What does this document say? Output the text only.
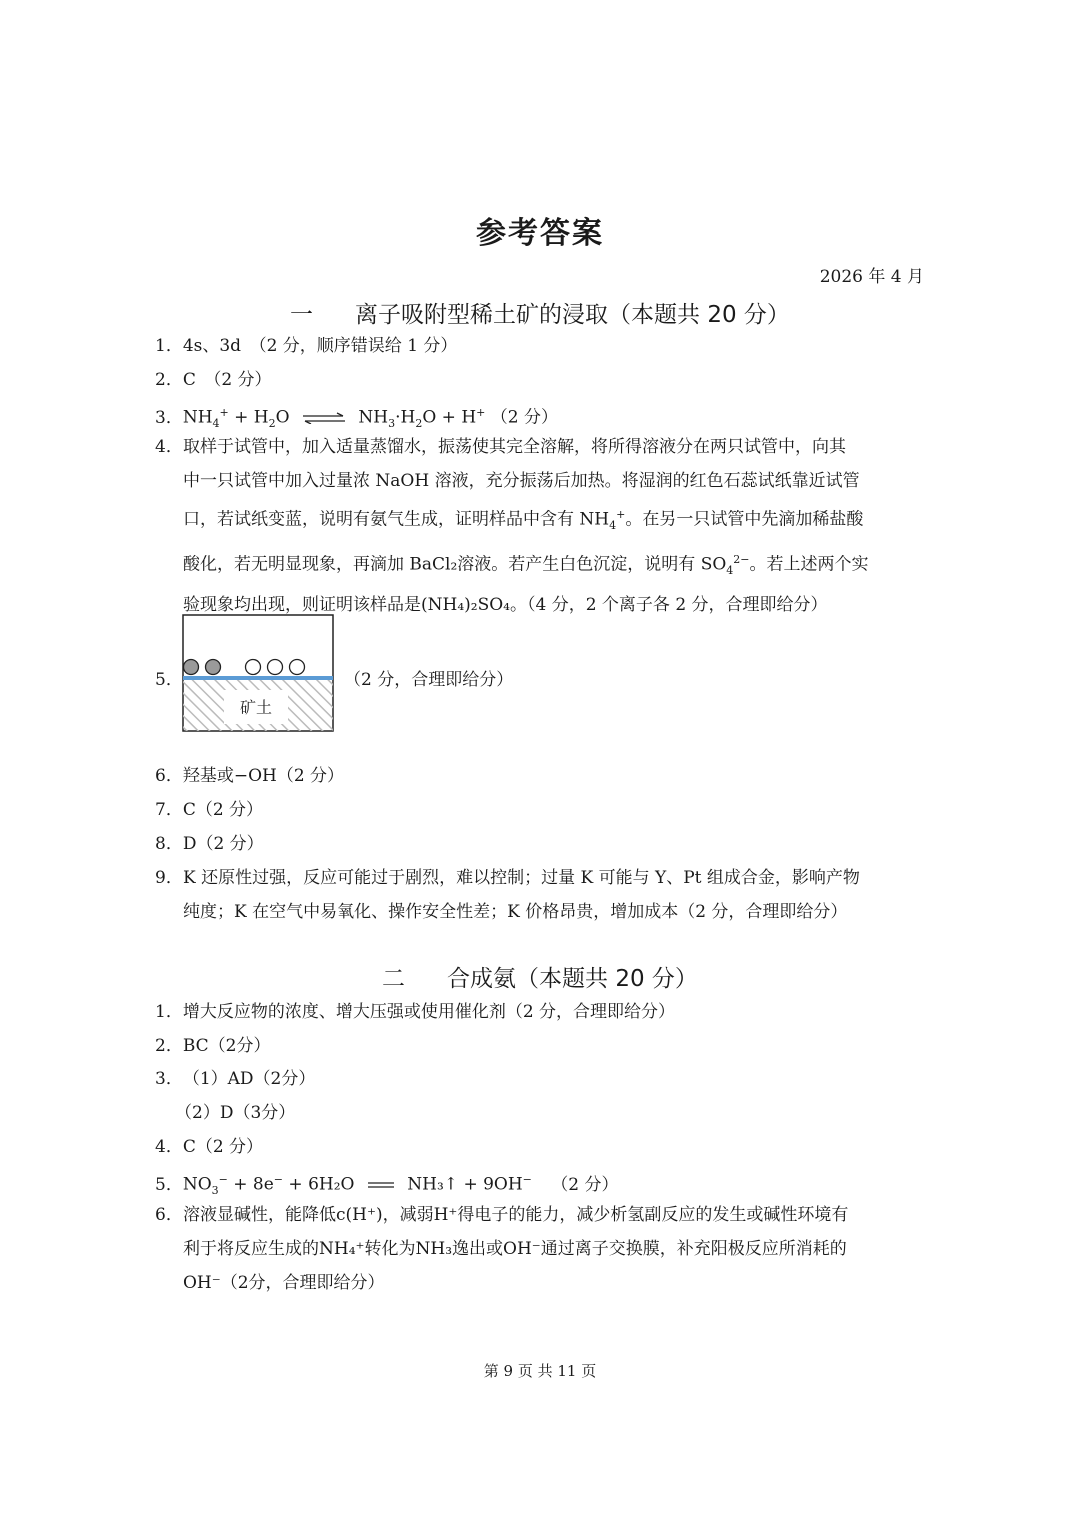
参考答案
2026 年 4 月
一 离子吸附型稀土矿的浸取（本题共 20 分）
1．4s、3d　（2 分，顺序错误给 1 分）
2．C　（2 分）
3．$NH_4^+ + H_2O$ ⇌ $NH_3\cdot H_2O + H^+$ （2 分）
4． 取样于试管中，加入适量蒸馏水，振荡使其完全溶解，将所得溶液分在两只试管中，向其
中一只试管中加入过量浓 NaOH 溶液，充分振荡后加热。将湿润的红色石蕊试纸靠近试管
口，若试纸变蓝，说明有氨气生成，证明样品中含有 $NH_4^+$。在另一只试管中先滴加稀盐酸
酸化，若无明显现象，再滴加 BaCl₂溶液。若产生白色沉淀，说明有 $SO_4^{2-}$。若上述两个实
验现象均出现，则证明该样品是(NH₄)₂SO₄。（4 分，2 个离子各 2 分，合理即给分）
5．
矿土
（2 分，合理即给分）
6．羟基或−OH（2 分）
7．C（2 分）
8．D（2 分）
9． K 还原性过强，反应可能过于剧烈，难以控制；过量 K 可能与 Y、Pt 组成合金，影响产物
纯度；K 在空气中易氧化、操作安全性差；K 价格昂贵，增加成本（2 分，合理即给分）
二 合成氨（本题共 20 分）
1．增大反应物的浓度、增大压强或使用催化剂（2 分，合理即给分）
2．BC（2分）
3．（1）AD（2分）
（2）D（3分）
4．C（2 分）
5．$NO_3^- + 8e^- + 6H_2O$	NH₃↑ + 9OH− （2 分）
6． 溶液显碱性，能降低c(H⁺)，减弱H⁺得电子的能力，减少析氢副反应的发生或碱性环境有
利于将反应生成的NH₄⁺转化为NH₃逸出或OH⁻通过离子交换膜，补充阳极反应所消耗的
OH⁻（2分，合理即给分）
第 9 页 共 11 页
